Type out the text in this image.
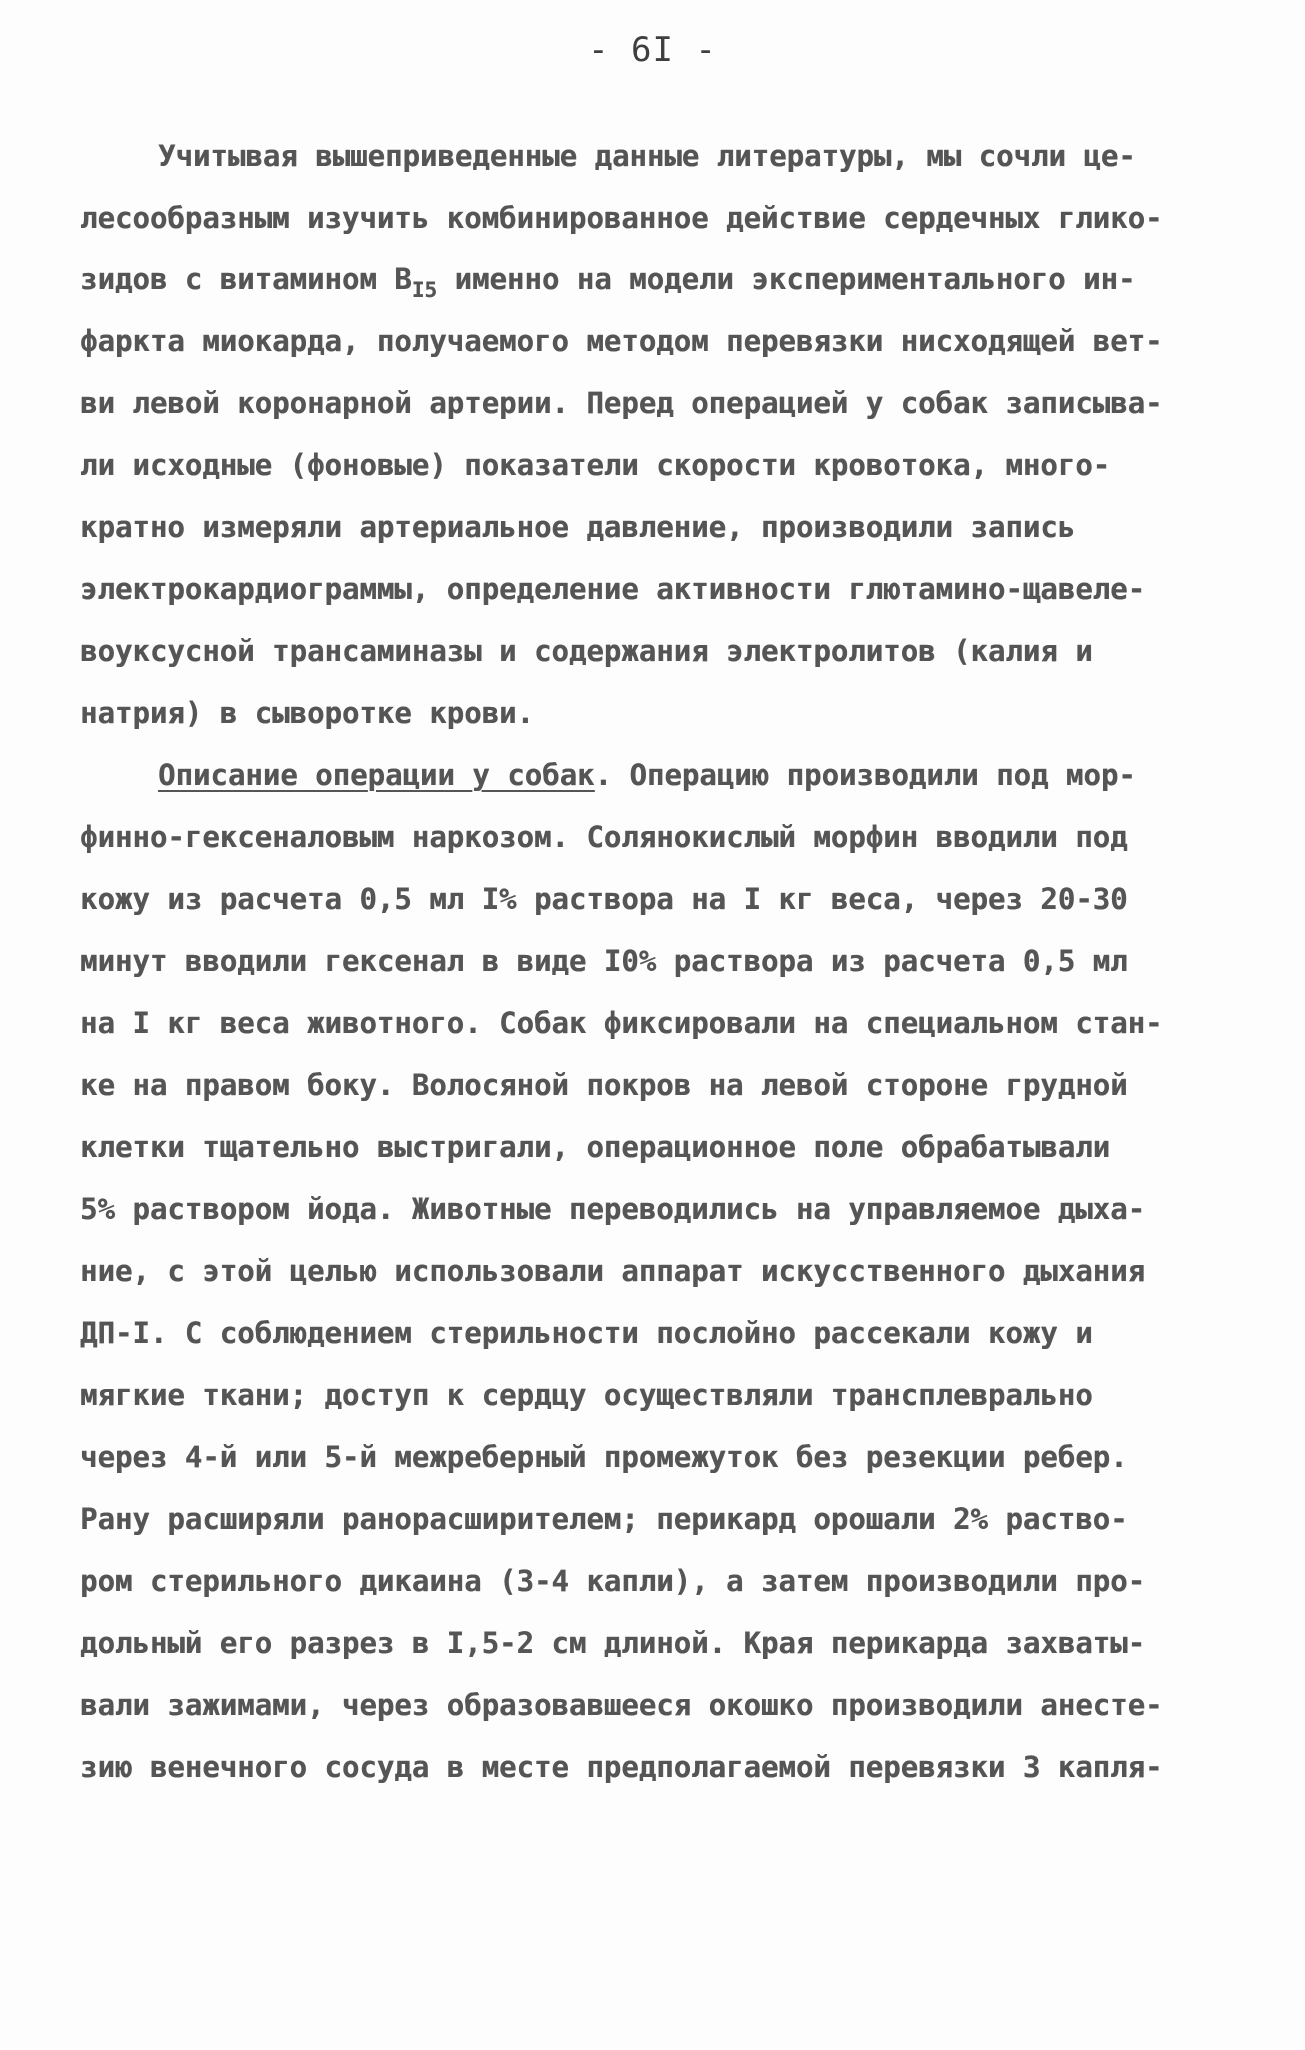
- 6I -
Учитывая вышеприведенные данные литературы, мы сочли це-
лесообразным изучить комбинированное действие сердечных глико-
зидов с витамином $B_{I5}$ именно на модели экспериментального ин-
фаркта миокарда, получаемого методом перевязки нисходящей вет-
ви левой коронарной артерии. Перед операцией у собак записыва-
ли исходные (фоновые) показатели скорости кровотока, много-
кратно измеряли артериальное давление, производили запись
электрокардиограммы, определение активности глютамино-щавеле-
воуксусной трансаминазы и содержания электролитов (калия и
натрия) в сыворотке крови.
Описание операции у собак. Операцию производили под мор-
финно-гексеналовым наркозом. Солянокислый морфин вводили под
кожу из расчета 0,5 мл I% раствора на I кг веса, через 20-30
минут вводили гексенал в виде I0% раствора из расчета 0,5 мл
на I кг веса животного. Собак фиксировали на специальном стан-
ке на правом боку. Волосяной покров на левой стороне грудной
клетки тщательно выстригали, операционное поле обрабатывали
5% раствором йода. Животные переводились на управляемое дыха-
ние, с этой целью использовали аппарат искусственного дыхания
ДП-I. С соблюдением стерильности послойно рассекали кожу и
мягкие ткани; доступ к сердцу осуществляли трансплеврально
через 4-й или 5-й межреберный промежуток без резекции ребер.
Рану расширяли ранорасширителем; перикард орошали 2% раство-
ром стерильного дикаина (3-4 капли), а затем производили про-
дольный его разрез в I,5-2 см длиной. Края перикарда захваты-
вали зажимами, через образовавшееся окошко производили анесте-
зию венечного сосуда в месте предполагаемой перевязки 3 капля-
